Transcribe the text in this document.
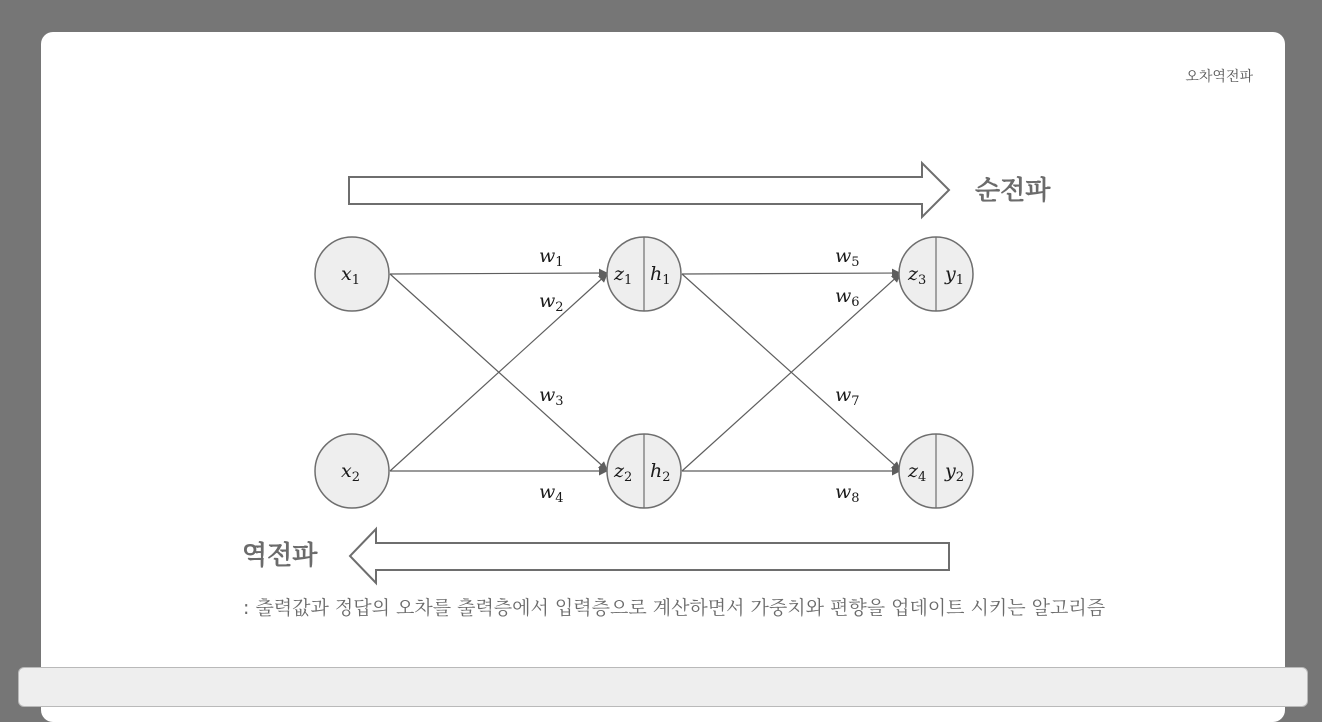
오차역전파
순전파
역전파
$x_1$
$x_2$
$z_1$ $h_1$
$z_2$ $h_2$
$z_3$ $y_1$
$z_4$ $y_2$
$w_1$
$w_2$
$w_3$
$w_4$
$w_5$
$w_6$
$w_7$
$w_8$
: 출력값과 정답의 오차를 출력층에서 입력층으로 계산하면서 가중치와 편향을 업데이트 시키는 알고리즘
